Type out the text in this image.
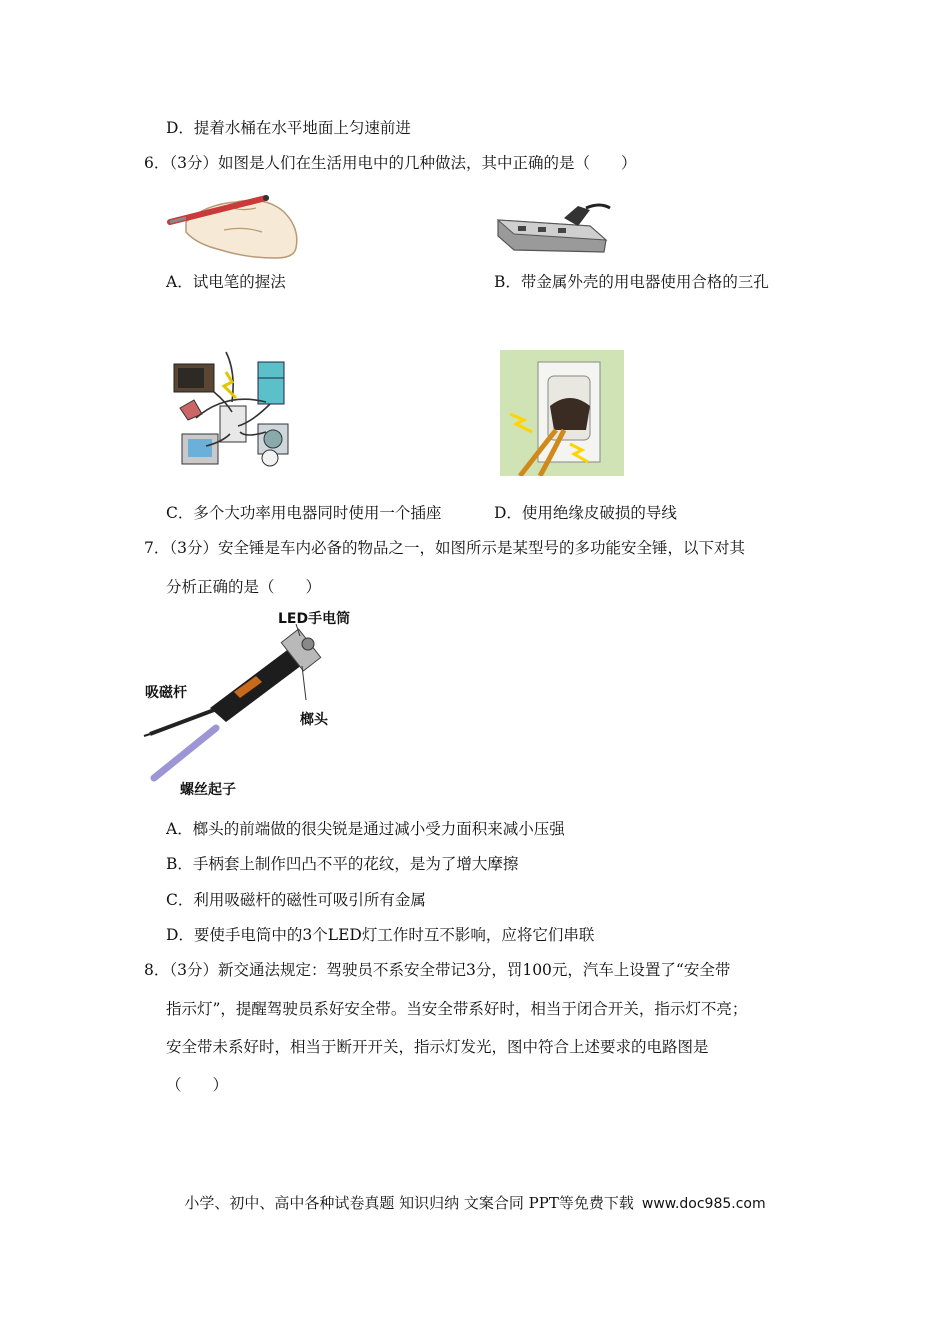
D．提着水桶在水平地面上匀速前进
6．（3分）如图是人们在生活用电中的几种做法，其中正确的是（　　）
A．试电笔的握法	B．带金属外壳的用电器使用合格的三孔
C．多个大功率用电器同时使用一个插座	D．使用绝缘皮破损的导线
7．（3分）安全锤是车内必备的物品之一，如图所示是某型号的多功能安全锤，以下对其
分析正确的是（　　）
LED手电筒
吸磁杆
榔头
螺丝起子
A．榔头的前端做的很尖锐是通过减小受力面积来减小压强
B．手柄套上制作凹凸不平的花纹，是为了增大摩擦
C．利用吸磁杆的磁性可吸引所有金属
D．要使手电筒中的3个LED灯工作时互不影响，应将它们串联
8．（3分）新交通法规定：驾驶员不系安全带记3分，罚100元，汽车上设置了“安全带
指示灯”，提醒驾驶员系好安全带。当安全带系好时，相当于闭合开关，指示灯不亮；
安全带未系好时，相当于断开开关，指示灯发光，图中符合上述要求的电路图是
（　　）
小学、初中、高中各种试卷真题 知识归纳 文案合同 PPT等免费下载 www.doc985.com
